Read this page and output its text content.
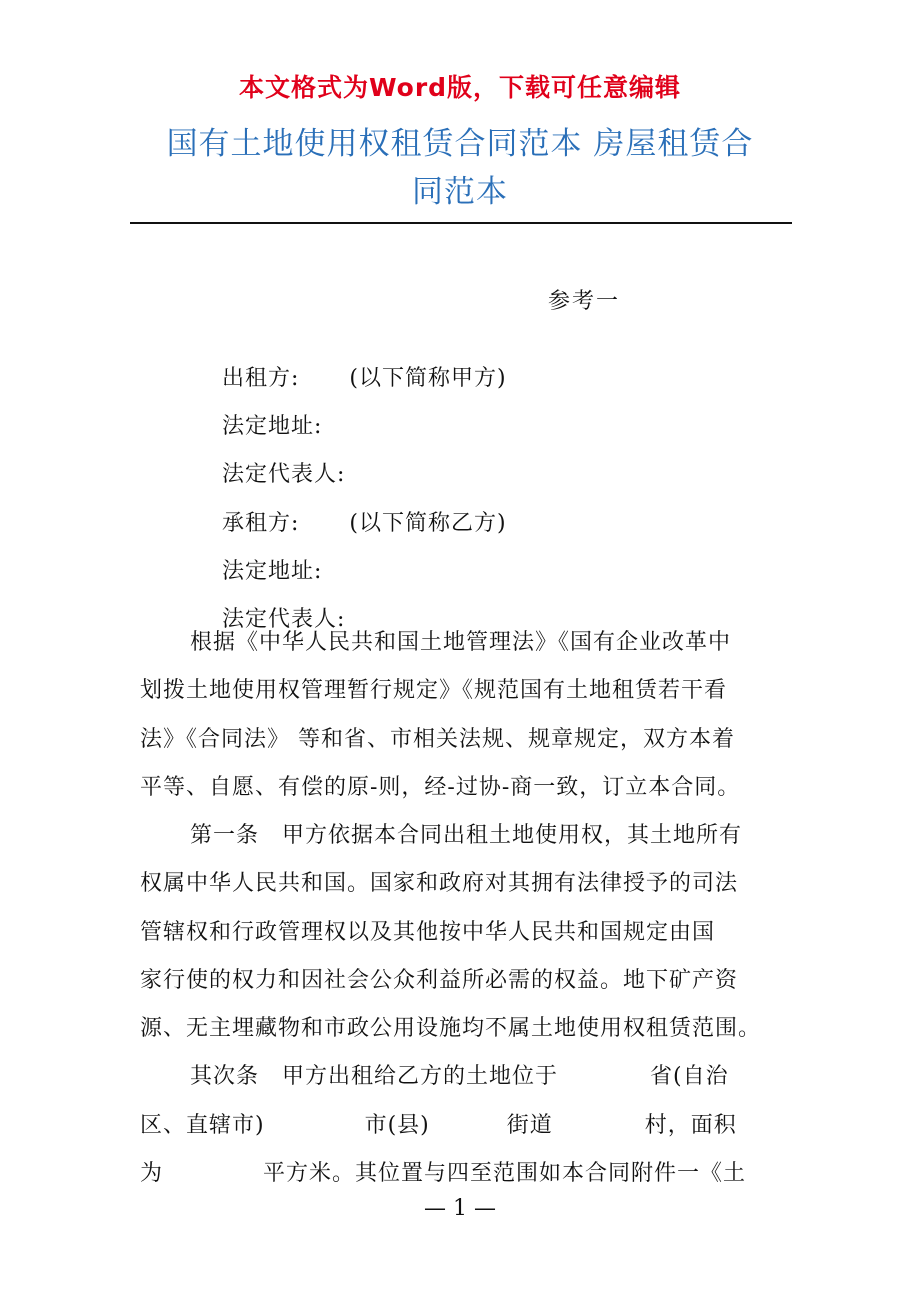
本文格式为Word版，下载可任意编辑
国有土地使用权租赁合同范本 房屋租赁合
同范本
参考一

出租方: (以下简称甲方)

法定地址:

法定代表人:

承租方: (以下简称乙方)

法定地址:

法定代表人:

根据《中华人民共和国土地管理法》《国有企业改革中
划拨土地使用权管理暂行规定》《规范国有土地租赁若干看
法》《合同法》 等和省、市相关法规、规章规定，双方本着
平等、自愿、有偿的原-则，经-过协-商一致，订立本合同。
第一条　甲方依据本合同出租土地使用权，其土地所有
权属中华人民共和国。国家和政府对其拥有法律授予的司法
管辖权和行政管理权以及其他按中华人民共和国规定由国
家行使的权力和因社会公众利益所必需的权益。地下矿产资
源、无主埋藏物和市政公用设施均不属土地使用权租赁范围。
其次条　甲方出租给乙方的土地位于　　　　省(自治
区、直辖市)　　　　 市(县)　　　 街道　　　　村，面积
为　　　　 平方米。其位置与四至范围如本合同附件一《土
— 1 —
